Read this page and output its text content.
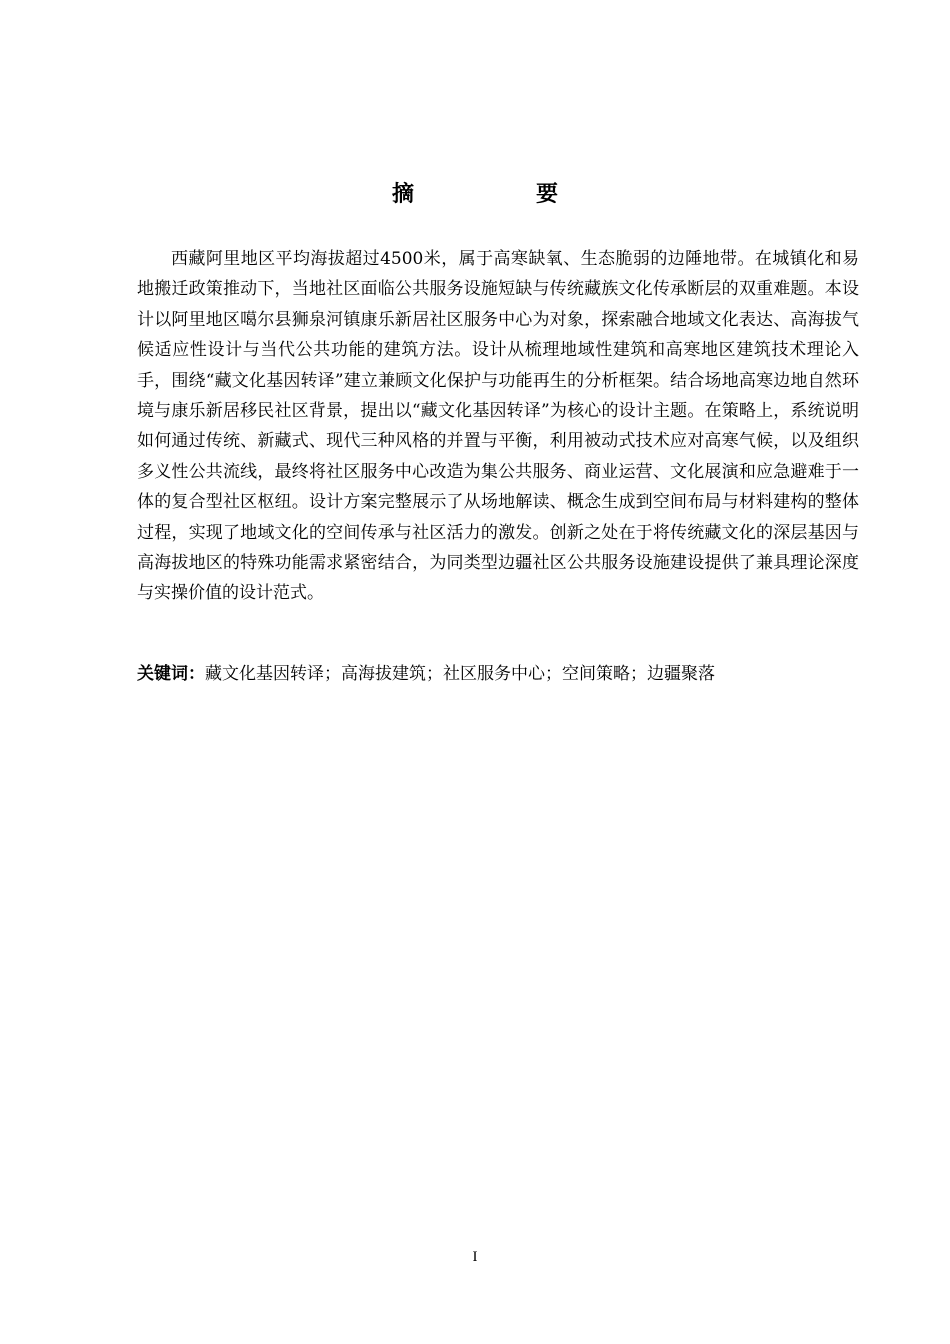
摘　要

西藏阿里地区平均海拔超过4500米，属于高寒缺氧、生态脆弱的边陲地带。在城镇化和易地搬迁政策推动下，当地社区面临公共服务设施短缺与传统藏族文化传承断层的双重难题。本设计以阿里地区噶尔县狮泉河镇康乐新居社区服务中心为对象，探索融合地域文化表达、高海拔气候适应性设计与当代公共功能的建筑方法。设计从梳理地域性建筑和高寒地区建筑技术理论入手，围绕“藏文化基因转译”建立兼顾文化保护与功能再生的分析框架。结合场地高寒边地自然环境与康乐新居移民社区背景，提出以“藏文化基因转译”为核心的设计主题。在策略上，系统说明如何通过传统、新藏式、现代三种风格的并置与平衡，利用被动式技术应对高寒气候，以及组织多义性公共流线，最终将社区服务中心改造为集公共服务、商业运营、文化展演和应急避难于一体的复合型社区枢纽。设计方案完整展示了从场地解读、概念生成到空间布局与材料建构的整体过程，实现了地域文化的空间传承与社区活力的激发。创新之处在于将传统藏文化的深层基因与高海拔地区的特殊功能需求紧密结合，为同类型边疆社区公共服务设施建设提供了兼具理论深度与实操价值的设计范式。

关键词：藏文化基因转译；高海拔建筑；社区服务中心；空间策略；边疆聚落

I
